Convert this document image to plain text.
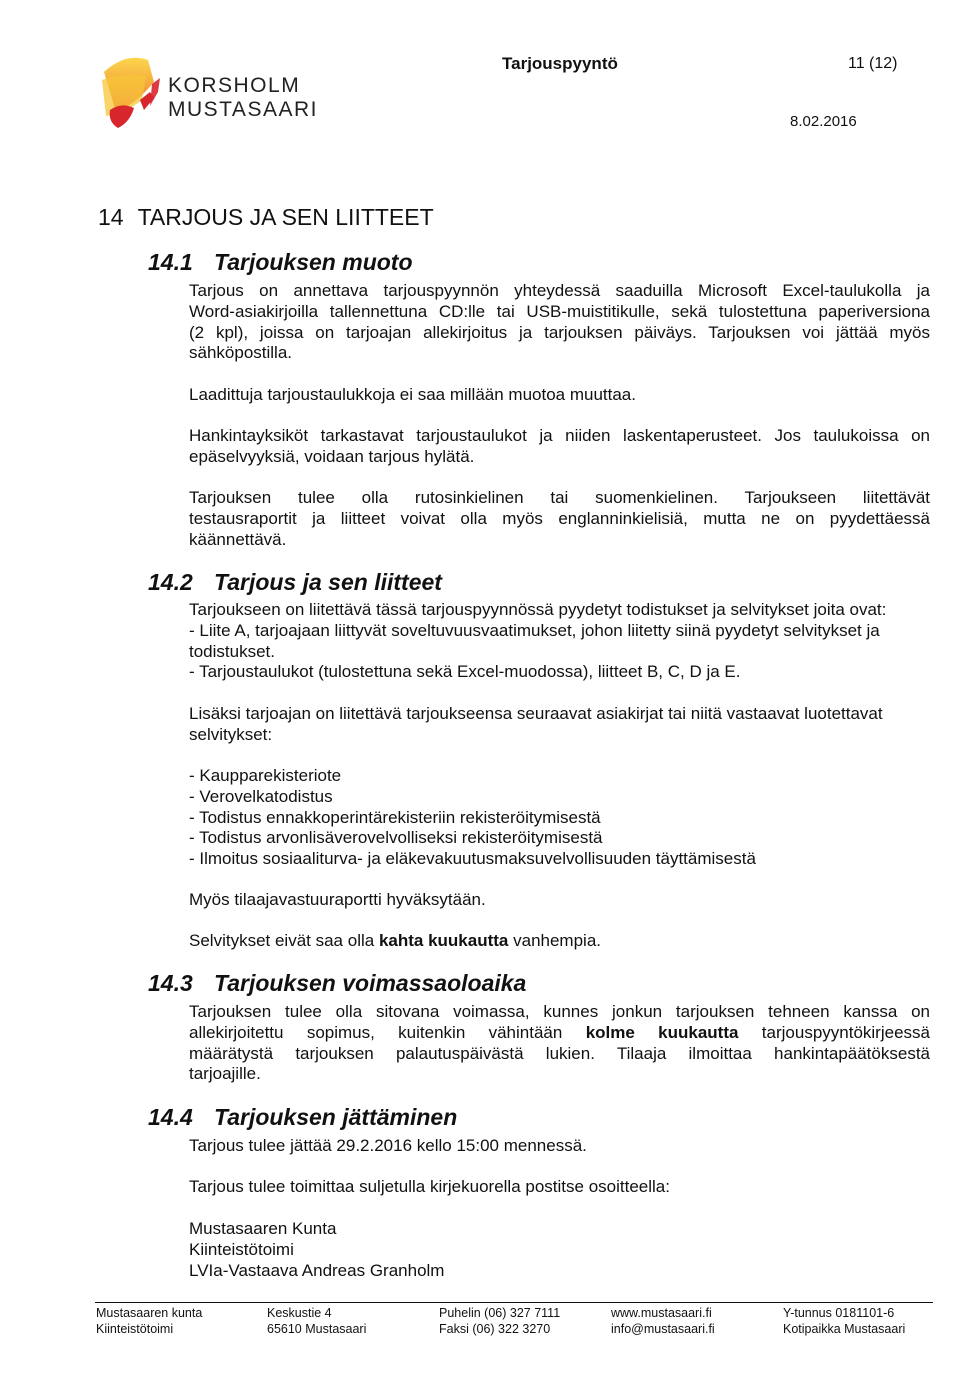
KORSHOLM
MUSTASAARI
Tarjouspyyntö	11 (12)
8.02.2016
14 TARJOUS JA SEN LIITTEET
14.1 Tarjouksen muoto
Tarjous on annettava tarjouspyynnön yhteydessä saaduilla Microsoft Excel-taulukolla ja
Word-asiakirjoilla tallennettuna CD:lle tai USB-muistitikulle, sekä tulostettuna paperiversiona
(2 kpl), joissa on tarjoajan allekirjoitus ja tarjouksen päiväys. Tarjouksen voi jättää myös
sähköpostilla.
Laadittuja tarjoustaulukkoja ei saa millään muotoa muuttaa.
Hankintayksiköt tarkastavat tarjoustaulukot ja niiden laskentaperusteet. Jos taulukoissa on
epäselvyyksiä, voidaan tarjous hylätä.
Tarjouksen tulee olla rutosinkielinen tai suomenkielinen. Tarjoukseen liitettävät
testausraportit ja liitteet voivat olla myös englanninkielisiä, mutta ne on pyydettäessä
käännettävä.
14.2 Tarjous ja sen liitteet
Tarjoukseen on liitettävä tässä tarjouspyynnössä pyydetyt todistukset ja selvitykset joita ovat:
- Liite A, tarjoajaan liittyvät soveltuvuusvaatimukset, johon liitetty siinä pyydetyt selvitykset ja
todistukset.
- Tarjoustaulukot (tulostettuna sekä Excel-muodossa), liitteet B, C, D ja E.
Lisäksi tarjoajan on liitettävä tarjoukseensa seuraavat asiakirjat tai niitä vastaavat luotettavat
selvitykset:
- Kaupparekisteriote
- Verovelkatodistus
- Todistus ennakkoperintärekisteriin rekisteröitymisestä
- Todistus arvonlisäverovelvolliseksi rekisteröitymisestä
- Ilmoitus sosiaaliturva- ja eläkevakuutusmaksuvelvollisuuden täyttämisestä
Myös tilaajavastuuraportti hyväksytään.
Selvitykset eivät saa olla kahta kuukautta vanhempia.
14.3 Tarjouksen voimassaoloaika
Tarjouksen tulee olla sitovana voimassa, kunnes jonkun tarjouksen tehneen kanssa on
allekirjoitettu sopimus, kuitenkin vähintään kolme kuukautta tarjouspyyntökirjeessä
määrätystä tarjouksen palautuspäivästä lukien. Tilaaja ilmoittaa hankintapäätöksestä
tarjoajille.
14.4 Tarjouksen jättäminen
Tarjous tulee jättää 29.2.2016 kello 15:00 mennessä.
Tarjous tulee toimittaa suljetulla kirjekuorella postitse osoitteella:
Mustasaaren Kunta
Kiinteistötoimi
LVIa-Vastaava Andreas Granholm
Mustasaaren kunta
Kiinteistötoimi
Keskustie 4
65610 Mustasaari
Puhelin (06) 327 7111
Faksi (06) 322 3270
www.mustasaari.fi
info@mustasaari.fi
Y-tunnus 0181101-6
Kotipaikka Mustasaari
